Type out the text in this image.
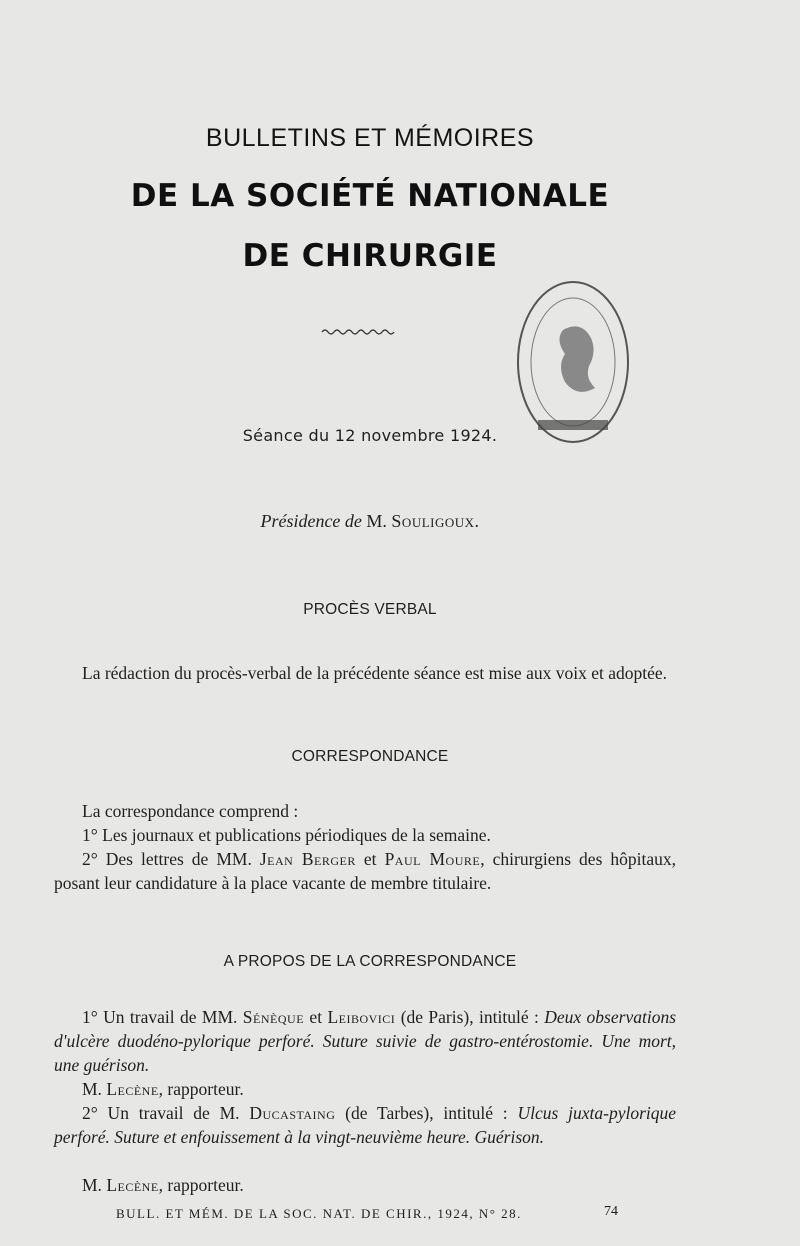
BULLETINS ET MÉMOIRES
DE LA SOCIÉTÉ NATIONALE
DE CHIRURGIE
Séance du 12 novembre 1924.
Présidence de M. Souligoux.
PROCÈS VERBAL

La rédaction du procès-verbal de la précédente séance est mise aux voix et adoptée.

CORRESPONDANCE
La correspondance comprend :
1° Les journaux et publications périodiques de la semaine.

2° Des lettres de MM. Jean Berger et Paul Moure, chirurgiens des hôpitaux, posant leur candidature à la place vacante de membre titulaire.

A PROPOS DE LA CORRESPONDANCE

1° Un travail de MM. Sénèque et Leibovici (de Paris), intitulé : Deux observations d'ulcère duodéno-pylorique perforé. Suture suivie de gastro-entérostomie. Une mort, une guérison.

M. Lecène, rapporteur.

2° Un travail de M. Ducastaing (de Tarbes), intitulé : Ulcus juxta-pylorique perforé. Suture et enfouissement à la vingt-neuvième heure. Guérison.

M. Lecène, rapporteur.
BULL. ET MÉM. DE LA SOC. NAT. DE CHIR., 1924, N° 28.	74
